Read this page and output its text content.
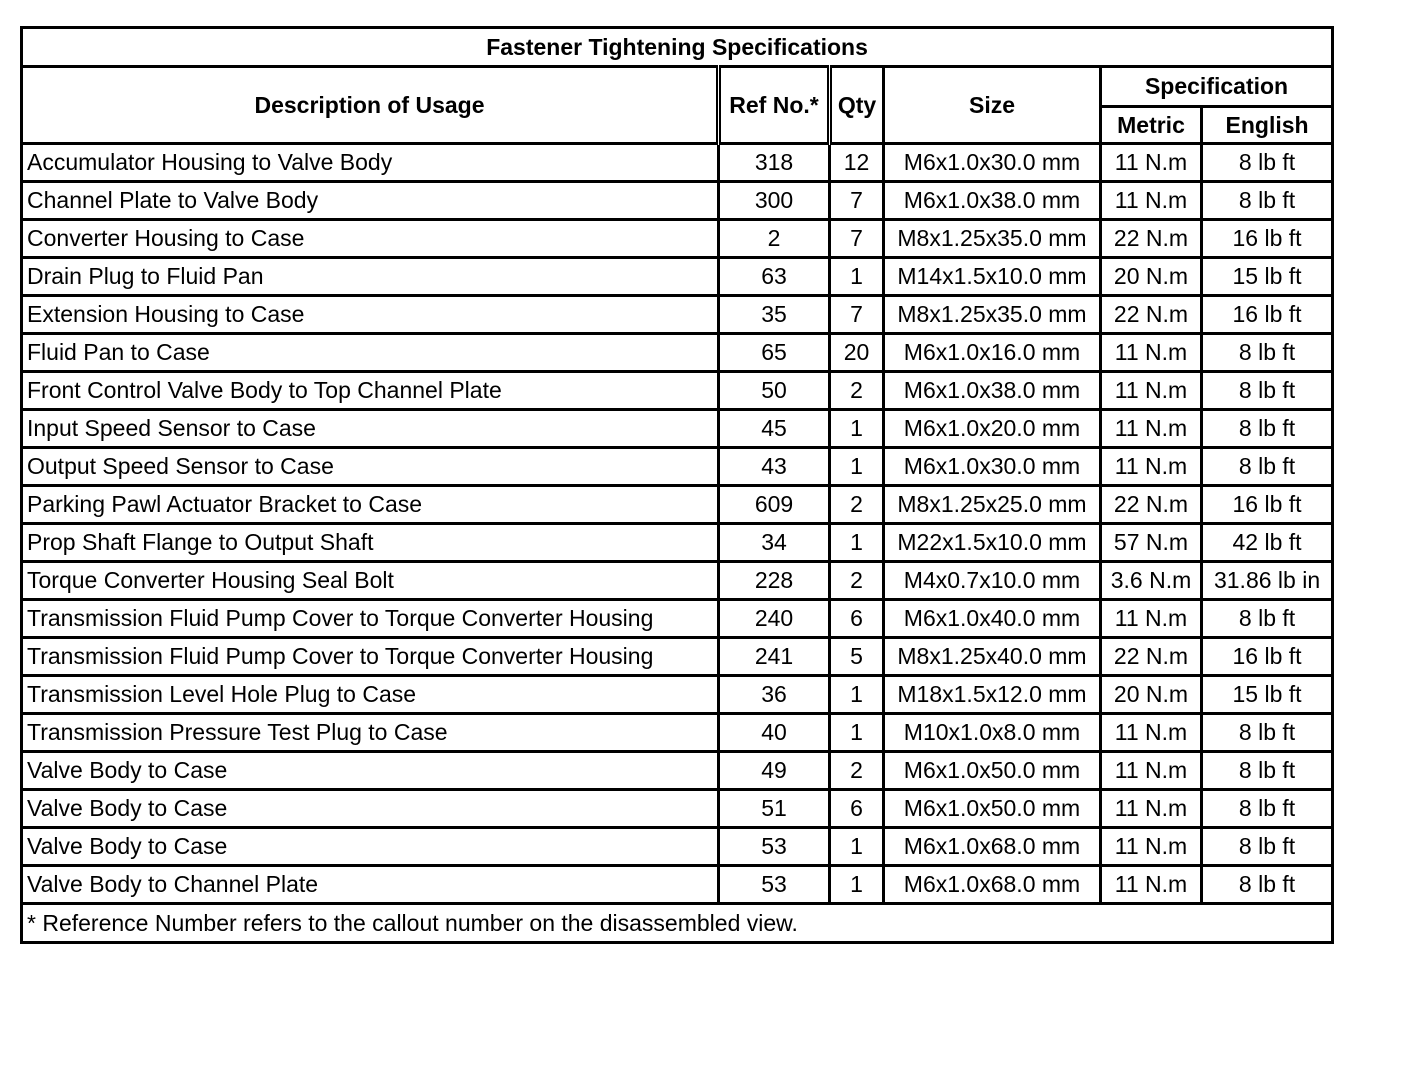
Fastener Tightening Specifications					
Description of Usage	Ref No.*	Qty	Size	Specification	
				Metric	English
Accumulator Housing to Valve Body	318	12	M6x1.0x30.0 mm	11 N.m	8 lb ft
Channel Plate to Valve Body	300	7	M6x1.0x38.0 mm	11 N.m	8 lb ft
Converter Housing to Case	2	7	M8x1.25x35.0 mm	22 N.m	16 lb ft
Drain Plug to Fluid Pan	63	1	M14x1.5x10.0 mm	20 N.m	15 lb ft
Extension Housing to Case	35	7	M8x1.25x35.0 mm	22 N.m	16 lb ft
Fluid Pan to Case	65	20	M6x1.0x16.0 mm	11 N.m	8 lb ft
Front Control Valve Body to Top Channel Plate	50	2	M6x1.0x38.0 mm	11 N.m	8 lb ft
Input Speed Sensor to Case	45	1	M6x1.0x20.0 mm	11 N.m	8 lb ft
Output Speed Sensor to Case	43	1	M6x1.0x30.0 mm	11 N.m	8 lb ft
Parking Pawl Actuator Bracket to Case	609	2	M8x1.25x25.0 mm	22 N.m	16 lb ft
Prop Shaft Flange to Output Shaft	34	1	M22x1.5x10.0 mm	57 N.m	42 lb ft
Torque Converter Housing Seal Bolt	228	2	M4x0.7x10.0 mm	3.6 N.m	31.86 lb in
Transmission Fluid Pump Cover to Torque Converter Housing	240	6	M6x1.0x40.0 mm	11 N.m	8 lb ft
Transmission Fluid Pump Cover to Torque Converter Housing	241	5	M8x1.25x40.0 mm	22 N.m	16 lb ft
Transmission Level Hole Plug to Case	36	1	M18x1.5x12.0 mm	20 N.m	15 lb ft
Transmission Pressure Test Plug to Case	40	1	M10x1.0x8.0 mm	11 N.m	8 lb ft
Valve Body to Case	49	2	M6x1.0x50.0 mm	11 N.m	8 lb ft
Valve Body to Case	51	6	M6x1.0x50.0 mm	11 N.m	8 lb ft
Valve Body to Case	53	1	M6x1.0x68.0 mm	11 N.m	8 lb ft
Valve Body to Channel Plate	53	1	M6x1.0x68.0 mm	11 N.m	8 lb ft
* Reference Number refers to the callout number on the disassembled view.					
